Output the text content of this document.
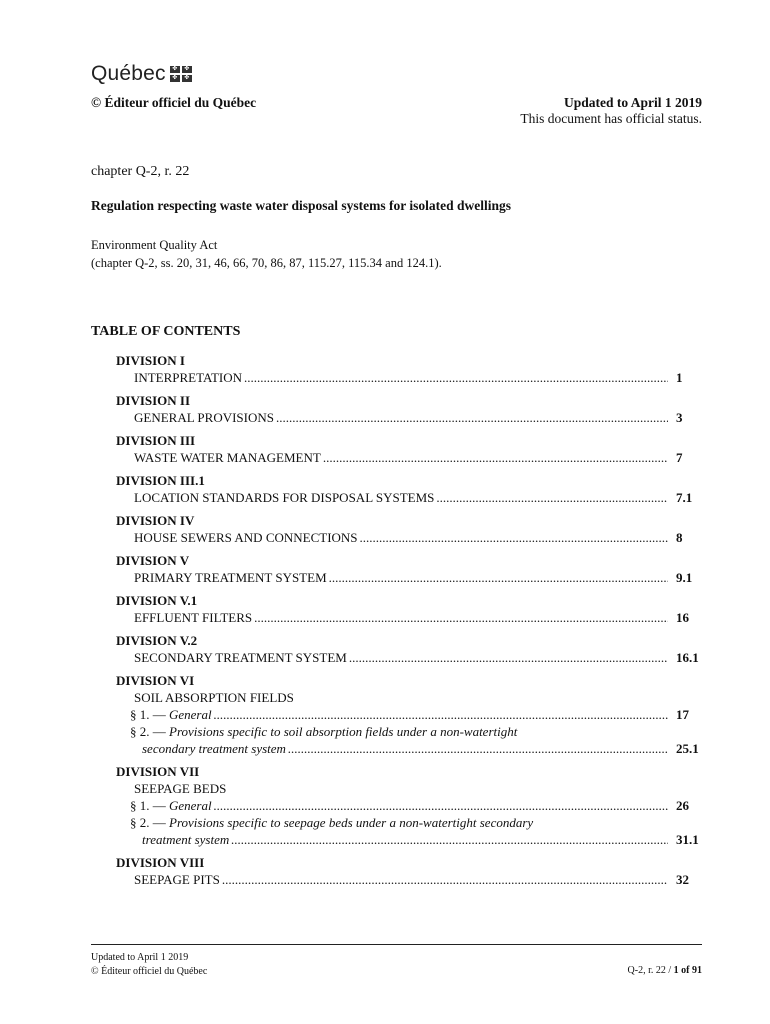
Québec	✤	✤
✤	✤
© Éditeur officiel du Québec	Updated to April 1 2019
This document has official status.
chapter Q-2, r. 22
Regulation respecting waste water disposal systems for isolated dwellings
Environment Quality Act
(chapter Q-2, ss. 20, 31, 46, 66, 70, 86, 87, 115.27, 115.34 and 124.1).
TABLE OF CONTENTS
DIVISION I
INTERPRETATION .....	1
DIVISION II
GENERAL PROVISIONS .....	3
DIVISION III
WASTE WATER MANAGEMENT .....	7
DIVISION III.1
LOCATION STANDARDS FOR DISPOSAL SYSTEMS .....	7.1
DIVISION IV
HOUSE SEWERS AND CONNECTIONS .....	8
DIVISION V
PRIMARY TREATMENT SYSTEM .....	9.1
DIVISION V.1
EFFLUENT FILTERS .....	16
DIVISION V.2
SECONDARY TREATMENT SYSTEM .....	16.1
DIVISION VI
SOIL ABSORPTION FIELDS
§ 1. — General .....	17
§ 2. — Provisions specific to soil absorption fields under a non-watertight
secondary treatment system .....	25.1
DIVISION VII
SEEPAGE BEDS
§ 1. — General .....	26
§ 2. — Provisions specific to seepage beds under a non-watertight secondary
treatment system .....	31.1
DIVISION VIII
SEEPAGE PITS .....	32
Updated to April 1 2019
© Éditeur officiel du Québec	Q-2, r. 22 / 1 of 91
